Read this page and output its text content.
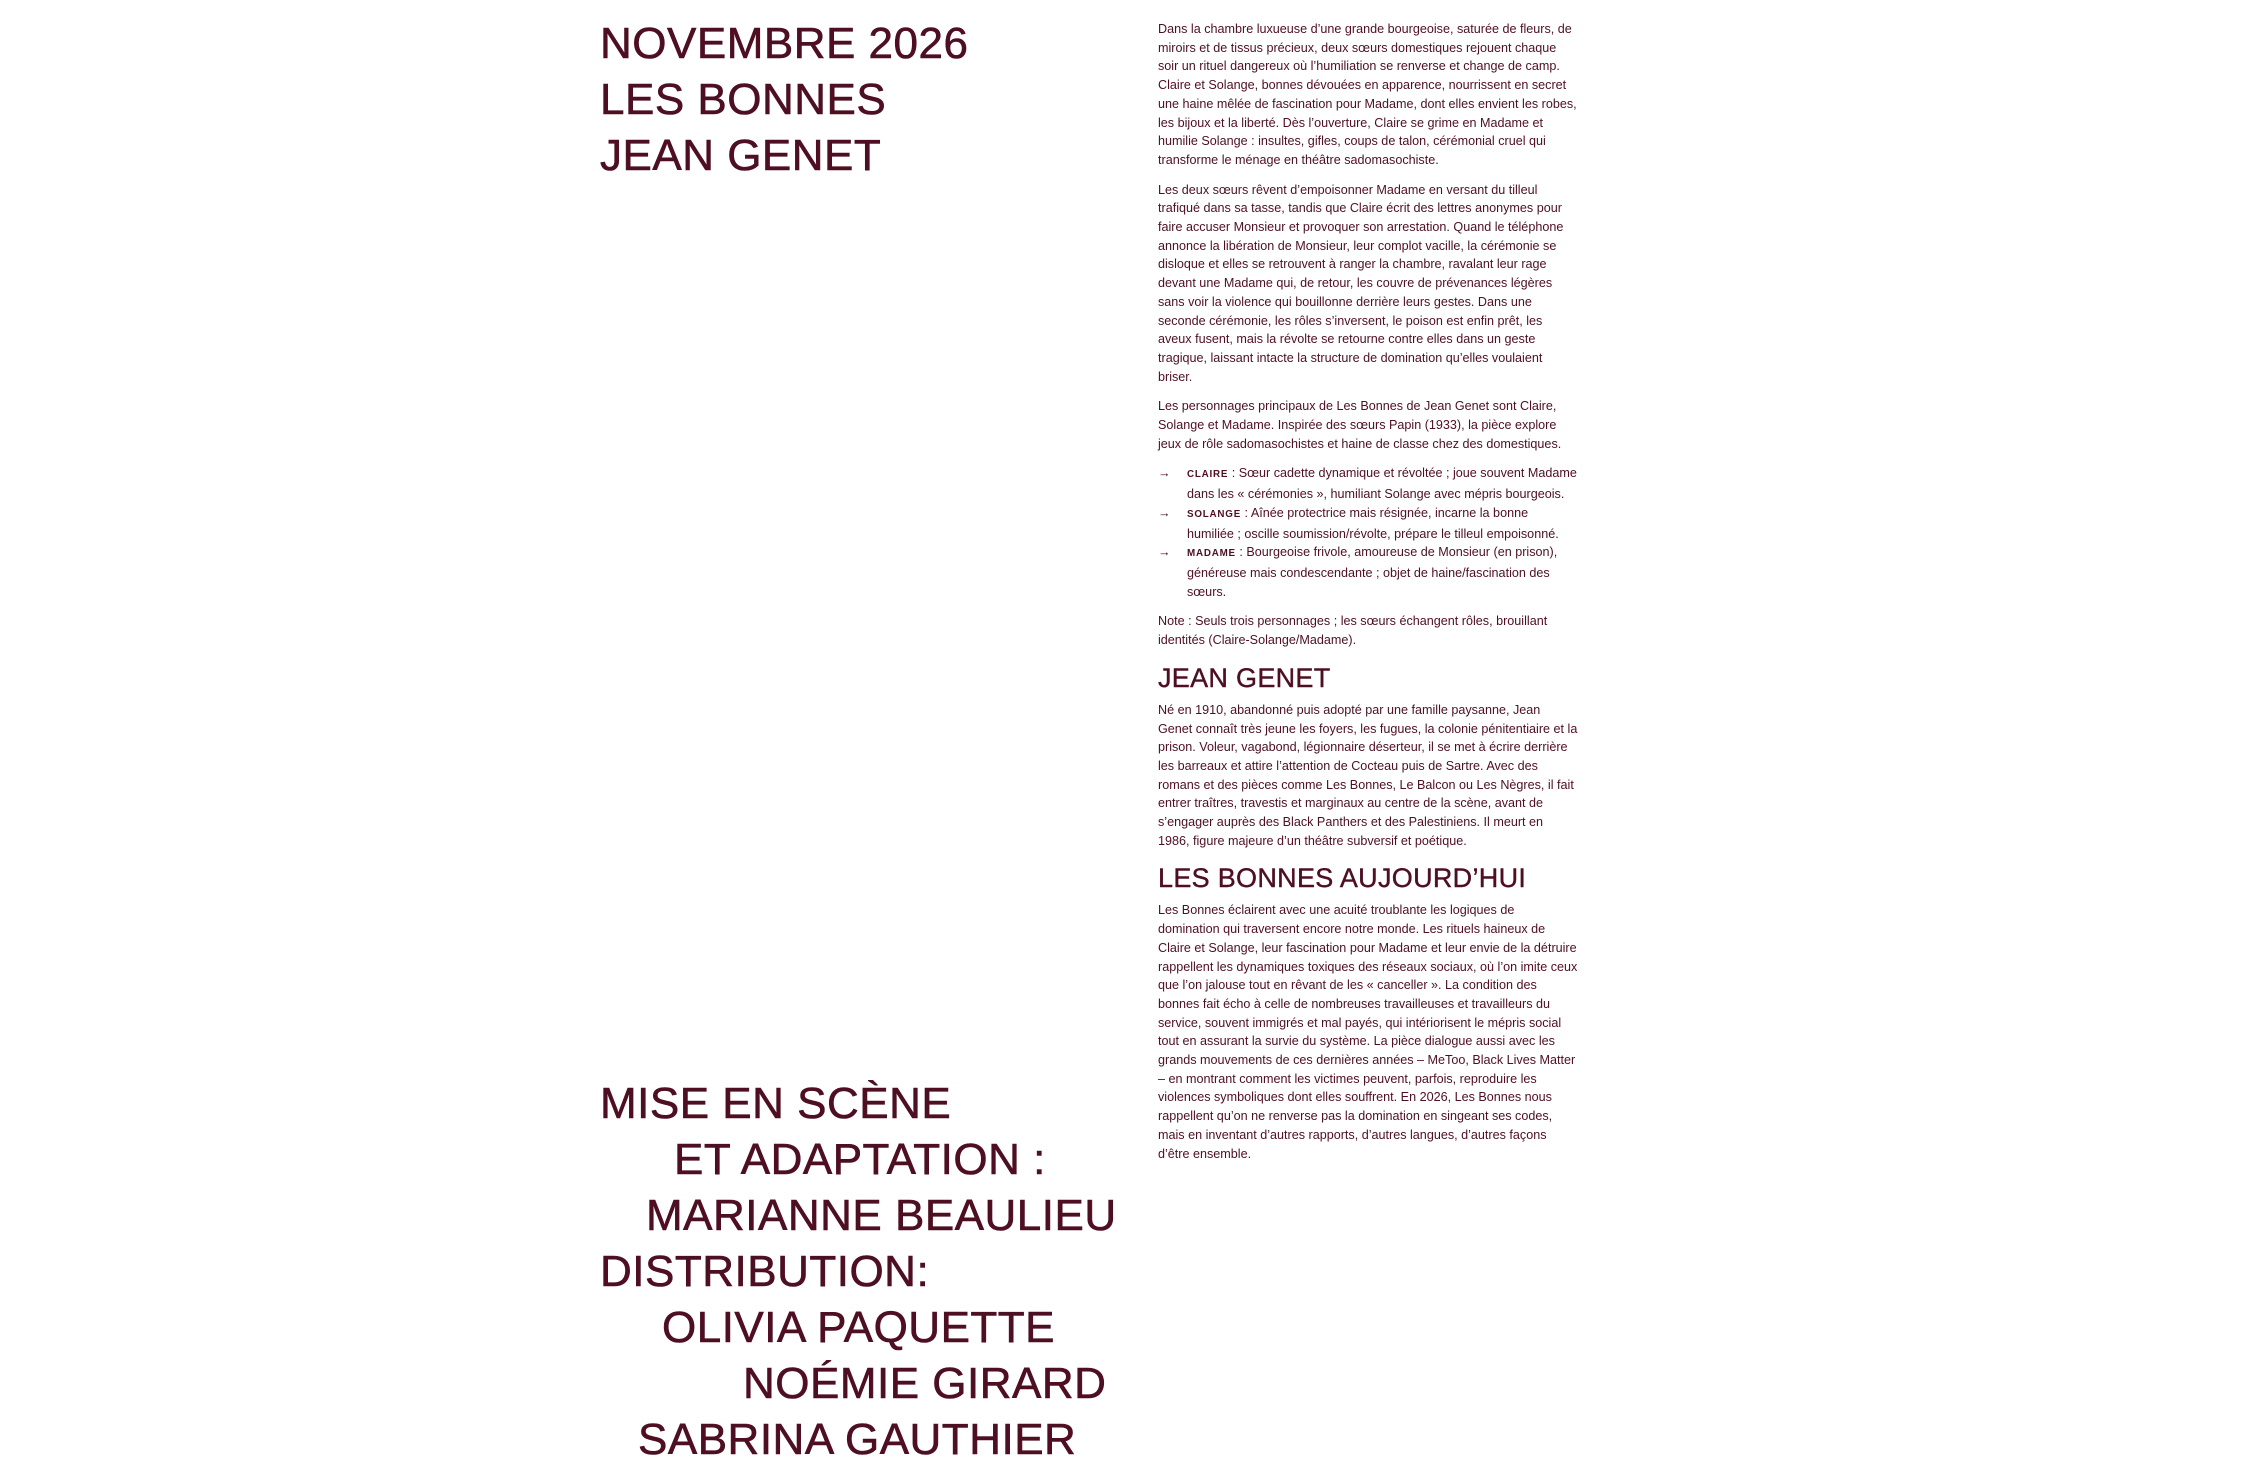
NOVEMBRE 2026
LES BONNES
JEAN GENET
MISE EN SCÈNE
ET ADAPTATION :
MARIANNE BEAULIEU
DISTRIBUTION:
OLIVIA PAQUETTE
NOÉMIE GIRARD
SABRINA GAUTHIER

Dans la chambre luxueuse d’une grande bourgeoise, saturée de fleurs, de miroirs et de tissus précieux, deux sœurs domestiques rejouent chaque soir un rituel dangereux où l’humiliation se renverse et change de camp. Claire et Solange, bonnes dévouées en apparence, nourrissent en secret une haine mêlée de fascination pour Madame, dont elles envient les robes, les bijoux et la liberté. Dès l’ouverture, Claire se grime en Madame et humilie Solange : insultes, gifles, coups de talon, cérémonial cruel qui transforme le ménage en théâtre sadomasochiste.

Les deux sœurs rêvent d’empoisonner Madame en versant du tilleul trafiqué dans sa tasse, tandis que Claire écrit des lettres anonymes pour faire accuser Monsieur et provoquer son arrestation. Quand le téléphone annonce la libération de Monsieur, leur complot vacille, la cérémonie se disloque et elles se retrouvent à ranger la chambre, ravalant leur rage devant une Madame qui, de retour, les couvre de prévenances légères sans voir la violence qui bouillonne derrière leurs gestes. Dans une seconde cérémonie, les rôles s’inversent, le poison est enfin prêt, les aveux fusent, mais la révolte se retourne contre elles dans un geste tragique, laissant intacte la structure de domination qu’elles voulaient briser.

Les personnages principaux de Les Bonnes de Jean Genet sont Claire, Solange et Madame. Inspirée des sœurs Papin (1933), la pièce explore jeux de rôle sadomasochistes et haine de classe chez des domestiques.

→ CLAIRE : Sœur cadette dynamique et révoltée ; joue souvent Madame dans les « cérémonies », humiliant Solange avec mépris bourgeois.
→ SOLANGE : Aînée protectrice mais résignée, incarne la bonne humiliée ; oscille soumission/révolte, prépare le tilleul empoisonné.
→ MADAME : Bourgeoise frivole, amoureuse de Monsieur (en prison), généreuse mais condescendante ; objet de haine/fascination des sœurs.

Note : Seuls trois personnages ; les sœurs échangent rôles, brouillant identités (Claire-Solange/Madame).

JEAN GENET

Né en 1910, abandonné puis adopté par une famille paysanne, Jean Genet connaît très jeune les foyers, les fugues, la colonie pénitentiaire et la prison. Voleur, vagabond, légionnaire déserteur, il se met à écrire derrière les barreaux et attire l’attention de Cocteau puis de Sartre. Avec des romans et des pièces comme Les Bonnes, Le Balcon ou Les Nègres, il fait entrer traîtres, travestis et marginaux au centre de la scène, avant de s’engager auprès des Black Panthers et des Palestiniens. Il meurt en 1986, figure majeure d’un théâtre subversif et poétique.

LES BONNES AUJOURD’HUI

Les Bonnes éclairent avec une acuité troublante les logiques de domination qui traversent encore notre monde. Les rituels haineux de Claire et Solange, leur fascination pour Madame et leur envie de la détruire rappellent les dynamiques toxiques des réseaux sociaux, où l’on imite ceux que l’on jalouse tout en rêvant de les « canceller ». La condition des bonnes fait écho à celle de nombreuses travailleuses et travailleurs du service, souvent immigrés et mal payés, qui intériorisent le mépris social tout en assurant la survie du système. La pièce dialogue aussi avec les grands mouvements de ces dernières années – MeToo, Black Lives Matter – en montrant comment les victimes peuvent, parfois, reproduire les violences symboliques dont elles souffrent. En 2026, Les Bonnes nous rappellent qu’on ne renverse pas la domination en singeant ses codes, mais en inventant d’autres rapports, d’autres langues, d’autres façons d’être ensemble.
